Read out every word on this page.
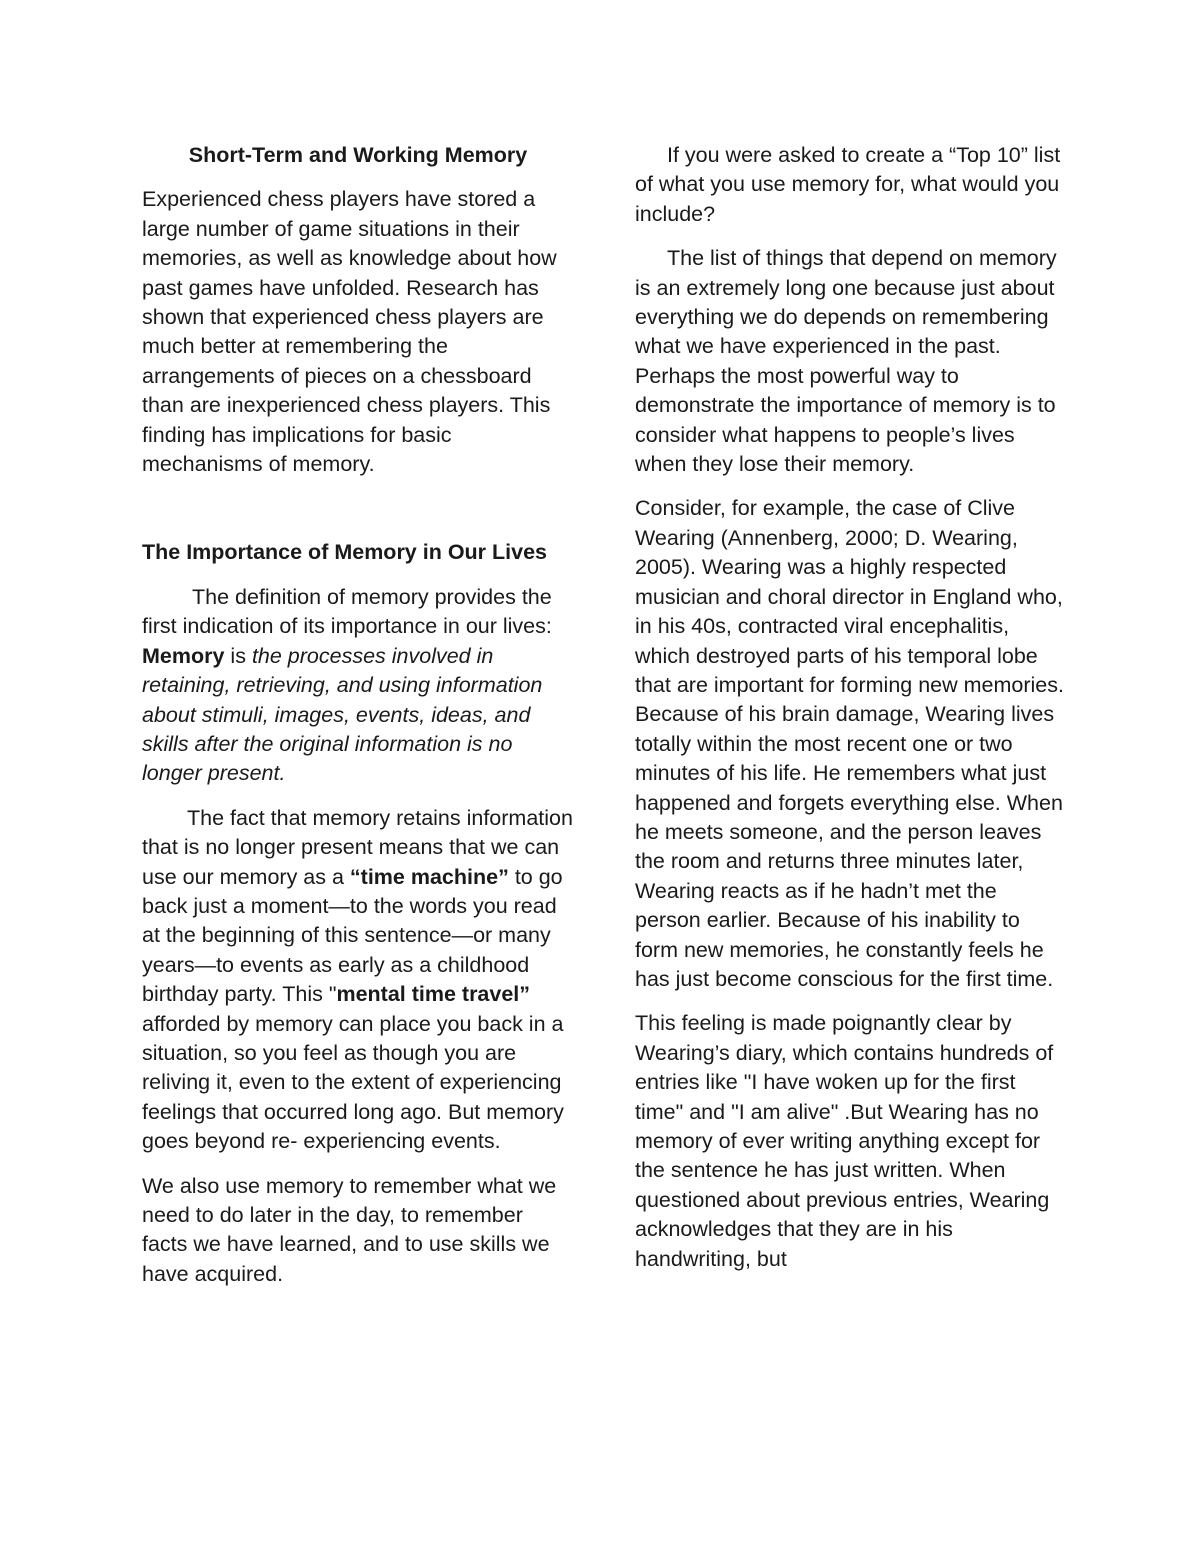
Short-Term and Working Memory

Experienced chess players have stored a large number of game situations in their memories, as well as knowledge about how past games have unfolded. Research has shown that experienced chess players are much better at remembering the arrangements of pieces on a chessboard than are inexperienced chess players. This finding has implications for basic mechanisms of memory.

The Importance of Memory in Our Lives

The definition of memory provides the first indication of its importance in our lives: Memory is the processes involved in retaining, retrieving, and using information about stimuli, images, events, ideas, and skills after the original information is no longer present.

The fact that memory retains information that is no longer present means that we can use our memory as a “time machine” to go back just a moment—to the words you read at the beginning of this sentence—or many years—to events as early as a childhood birthday party. This "mental time travel” afforded by memory can place you back in a situation, so you feel as though you are reliving it, even to the extent of experiencing feelings that occurred long ago. But memory goes beyond re- experiencing events.

We also use memory to remember what we need to do later in the day, to remember facts we have learned, and to use skills we have acquired.

If you were asked to create a “Top 10” list of what you use memory for, what would you include?

The list of things that depend on memory is an extremely long one because just about everything we do depends on remembering what we have experienced in the past. Perhaps the most powerful way to demonstrate the importance of memory is to consider what happens to people’s lives when they lose their memory.

Consider, for example, the case of Clive Wearing (Annenberg, 2000; D. Wearing, 2005). Wearing was a highly respected musician and choral director in England who, in his 40s, contracted viral encephalitis, which destroyed parts of his temporal lobe that are important for forming new memories. Because of his brain damage, Wearing lives totally within the most recent one or two minutes of his life. He remembers what just happened and forgets everything else. When he meets someone, and the person leaves the room and returns three minutes later, Wearing reacts as if he hadn’t met the person earlier. Because of his inability to form new memories, he constantly feels he has just become conscious for the first time.

This feeling is made poignantly clear by Wearing’s diary, which contains hundreds of entries like "I have woken up for the first time" and "I am alive" .But Wearing has no memory of ever writing anything except for the sentence he has just written. When questioned about previous entries, Wearing acknowledges that they are in his handwriting, but
